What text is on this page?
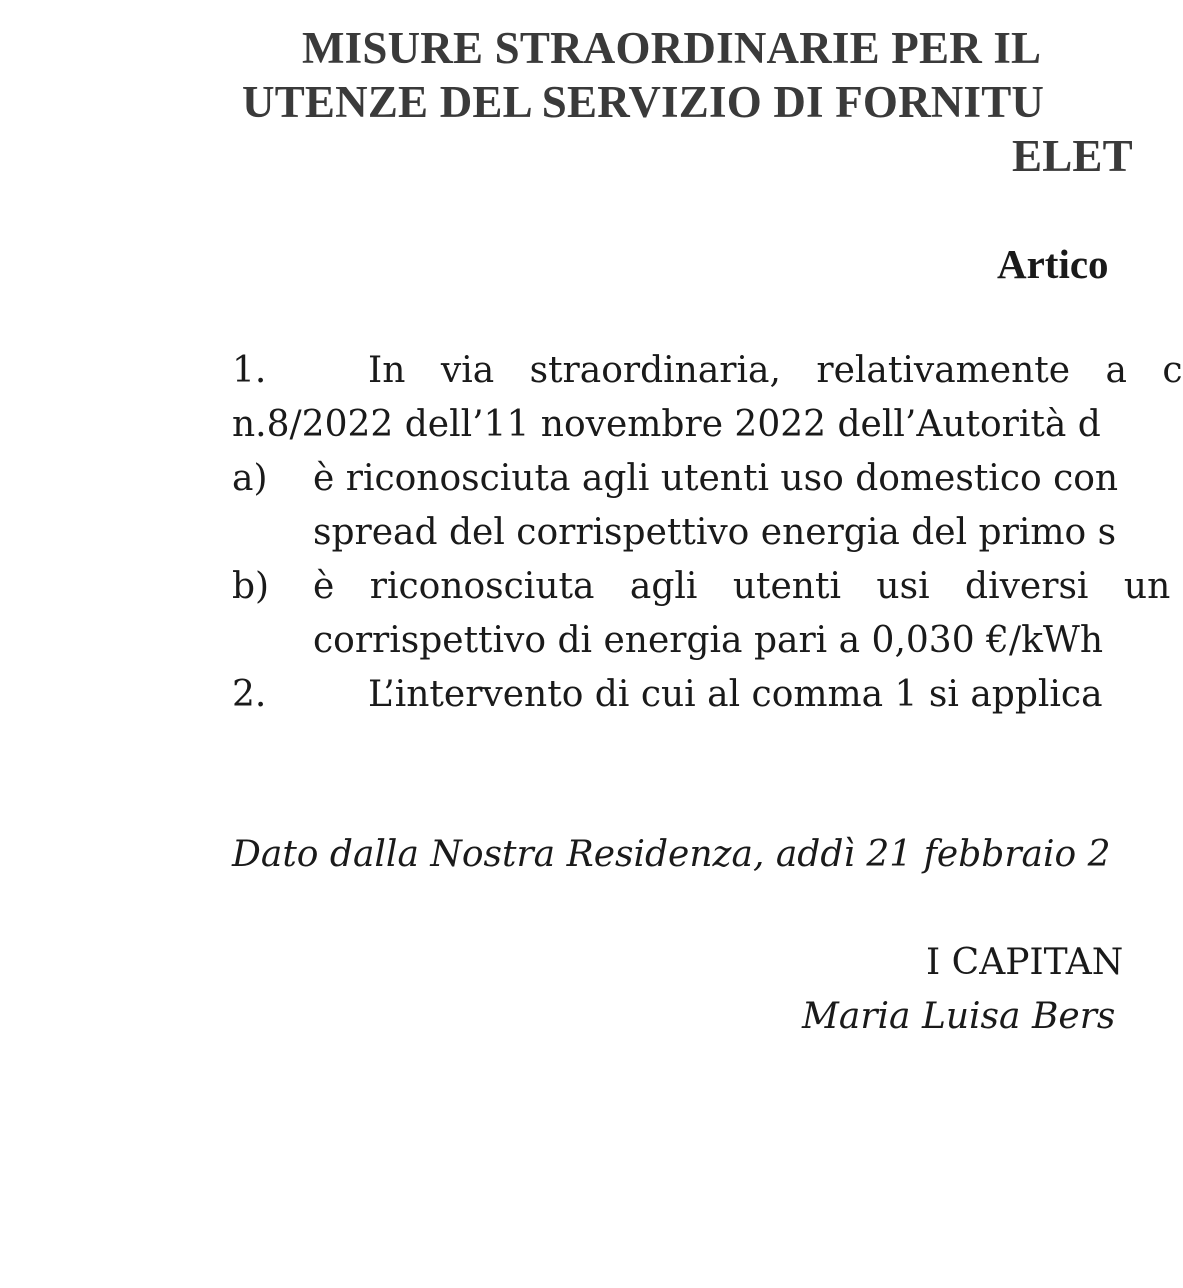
MISURE STRAORDINARIE PER IL
UTENZE DEL SERVIZIO DI FORNITU
ELET
Artico
1.	In via straordinaria, relativamente a c
n.8/2022 dell’11 novembre 2022 dell’Autorità d
a) è riconosciuta agli utenti uso domestico con
spread del corrispettivo energia del primo s
b) è riconosciuta agli utenti usi diversi un
corrispettivo di energia pari a 0,030 €/kWh
2.	L’intervento di cui al comma 1 si applica
Dato dalla Nostra Residenza, addì 21 febbraio 2
I CAPITAN
Maria Luisa Bers
